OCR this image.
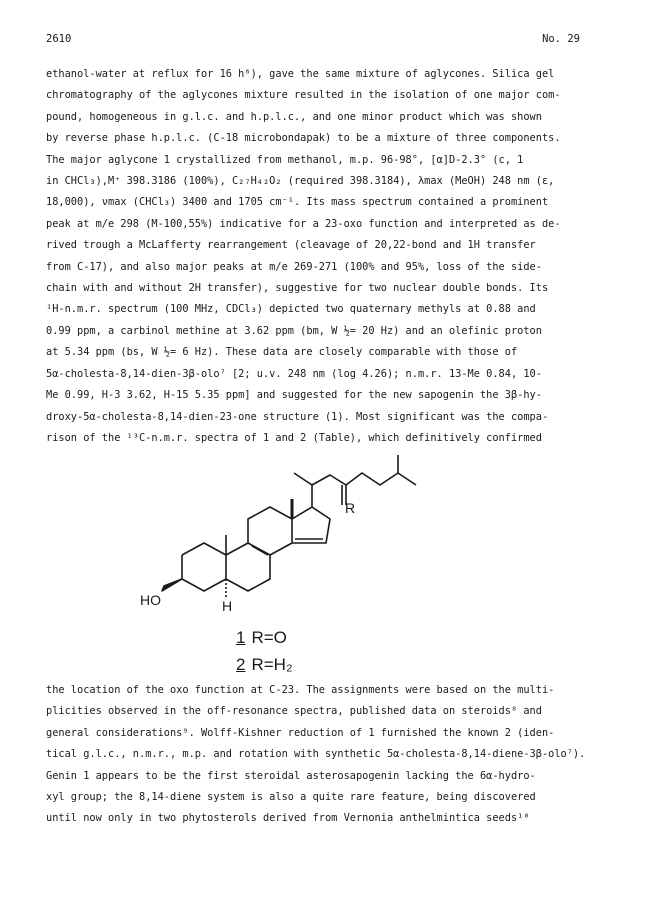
2610	No. 29
ethanol-water at reflux for 16 h⁶), gave the same mixture of aglycones. Silica gel
chromatography of the aglycones mixture resulted in the isolation of one major com-
pound, homogeneous in g.l.c. and h.p.l.c., and one minor product which was shown
by reverse phase h.p.l.c. (C-18 microbondapak) to be a mixture of three components.
The major aglycone 1 crystallized from methanol, m.p. 96-98°, [α]D-2.3° (c, 1
in CHCl₃),M⁺ 398.3186 (100%), C₂₇H₄₂O₂ (required 398.3184), λmax (MeOH) 248 nm (ε,
18,000), νmax (CHCl₃) 3400 and 1705 cm⁻¹. Its mass spectrum contained a prominent
peak at m/e 298 (M-100,55%) indicative for a 23-oxo function and interpreted as de-
rived trough a McLafferty rearrangement (cleavage of 20,22-bond and 1H transfer
from C-17), and also major peaks at m/e 269-271 (100% and 95%, loss of the side-
chain with and without 2H transfer), suggestive for two nuclear double bonds. Its
¹H-n.m.r. spectrum (100 MHz, CDCl₃) depicted two quaternary methyls at 0.88 and
0.99 ppm, a carbinol methine at 3.62 ppm (bm, W ½= 20 Hz) and an olefinic proton
at 5.34 ppm (bs, W ½= 6 Hz). These data are closely comparable with those of
5α-cholesta-8,14-dien-3β-olo⁷ [2; u.v. 248 nm (log 4.26); n.m.r. 13-Me 0.84, 10-
Me 0.99, H-3 3.62, H-15 5.35 ppm] and suggested for the new sapogenin the 3β-hy-
droxy-5α-cholesta-8,14-dien-23-one structure (1). Most significant was the compa-
rison of the ¹³C-n.m.r. spectra of 1 and 2 (Table), which definitively confirmed
HO	H
R
1 R=O
2 R=H₂
the location of the oxo function at C-23. The assignments were based on the multi-
plicities observed in the off-resonance spectra, published data on steroids⁸ and
general considerations⁹. Wolff-Kishner reduction of 1 furnished the known 2 (iden-
tical g.l.c., n.m.r., m.p. and rotation with synthetic 5α-cholesta-8,14-diene-3β-olo⁷).
Genin 1 appears to be the first steroidal asterosapogenin lacking the 6α-hydro-
xyl group; the 8,14-diene system is also a quite rare feature, being discovered
until now only in two phytosterols derived from Vernonia anthelmintica seeds¹⁰
